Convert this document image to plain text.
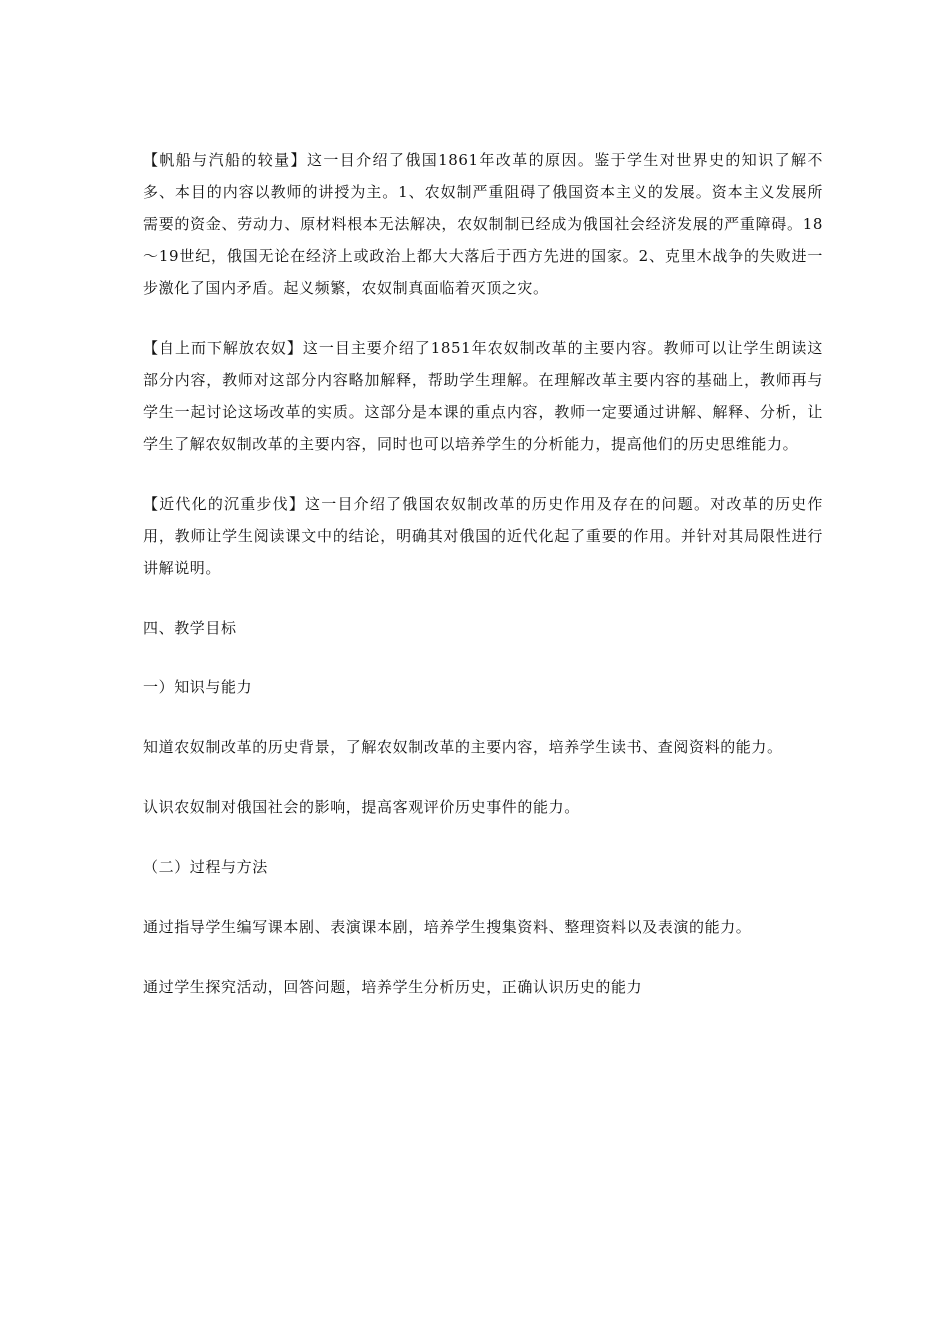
【帆船与汽船的较量】这一目介绍了俄国1861年改革的原因。鉴于学生对世界史的知识了解不多、本目的内容以教师的讲授为主。1、农奴制严重阻碍了俄国资本主义的发展。资本主义发展所需要的资金、劳动力、原材料根本无法解决，农奴制制已经成为俄国社会经济发展的严重障碍。18～19世纪，俄国无论在经济上或政治上都大大落后于西方先进的国家。2、克里木战争的失败进一步激化了国内矛盾。起义频繁，农奴制真面临着灭顶之灾。

【自上而下解放农奴】这一目主要介绍了1851年农奴制改革的主要内容。教师可以让学生朗读这部分内容，教师对这部分内容略加解释，帮助学生理解。在理解改革主要内容的基础上，教师再与学生一起讨论这场改革的实质。这部分是本课的重点内容，教师一定要通过讲解、解释、分析，让学生了解农奴制改革的主要内容，同时也可以培养学生的分析能力，提高他们的历史思维能力。

【近代化的沉重步伐】这一目介绍了俄国农奴制改革的历史作用及存在的问题。对改革的历史作用，教师让学生阅读课文中的结论，明确其对俄国的近代化起了重要的作用。并针对其局限性进行讲解说明。

四、教学目标

一）知识与能力

知道农奴制改革的历史背景，了解农奴制改革的主要内容，培养学生读书、查阅资料的能力。

认识农奴制对俄国社会的影响，提高客观评价历史事件的能力。

（二）过程与方法

通过指导学生编写课本剧、表演课本剧，培养学生搜集资料、整理资料以及表演的能力。

通过学生探究活动，回答问题，培养学生分析历史，正确认识历史的能力
